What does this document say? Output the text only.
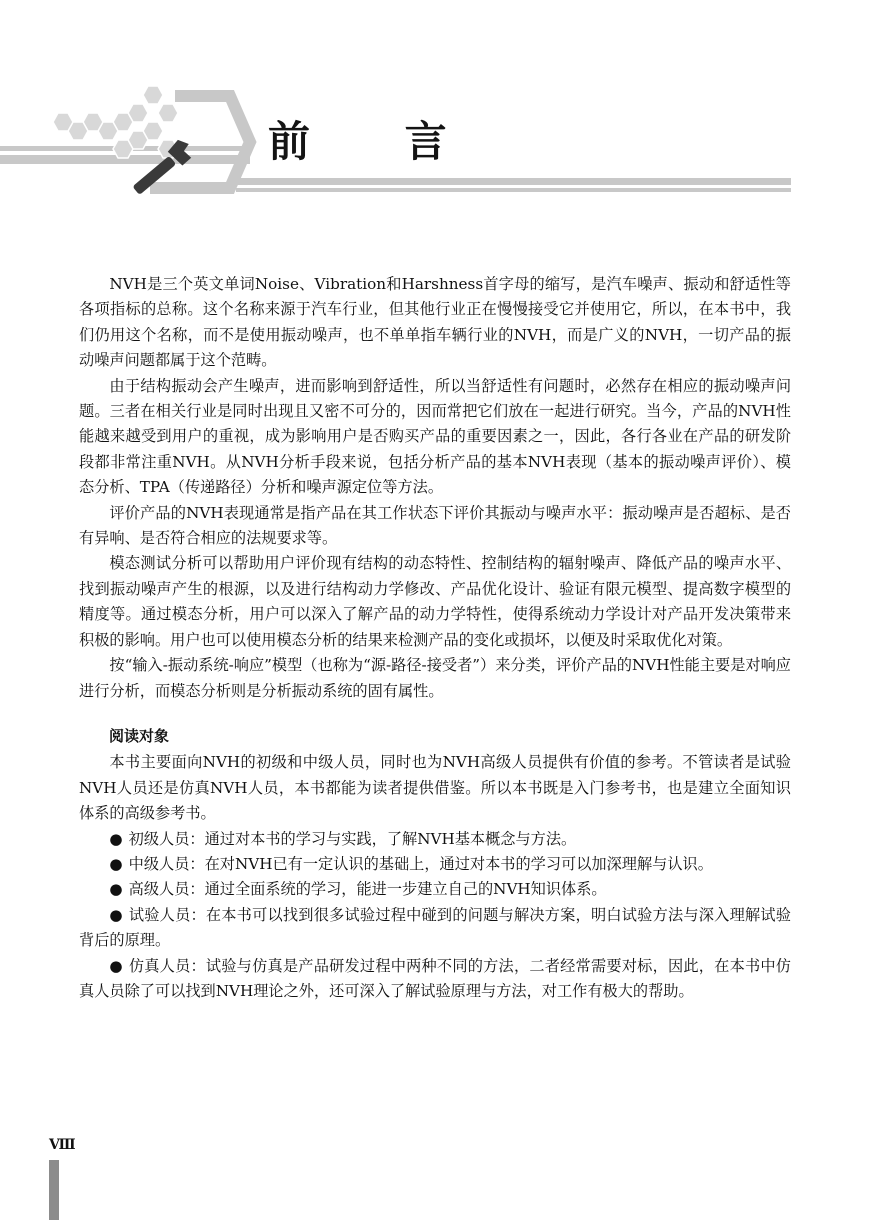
前 言

NVH是三个英文单词Noise、Vibration和Harshness首字母的缩写，是汽车噪声、振动和舒适性等各项指标的总称。这个名称来源于汽车行业，但其他行业正在慢慢接受它并使用它，所以，在本书中，我们仍用这个名称，而不是使用振动噪声，也不单单指车辆行业的NVH，而是广义的NVH，一切产品的振动噪声问题都属于这个范畴。

由于结构振动会产生噪声，进而影响到舒适性，所以当舒适性有问题时，必然存在相应的振动噪声问题。三者在相关行业是同时出现且又密不可分的，因而常把它们放在一起进行研究。当今，产品的NVH性能越来越受到用户的重视，成为影响用户是否购买产品的重要因素之一，因此，各行各业在产品的研发阶段都非常注重NVH。从NVH分析手段来说，包括分析产品的基本NVH表现（基本的振动噪声评价）、模态分析、TPA（传递路径）分析和噪声源定位等方法。

评价产品的NVH表现通常是指产品在其工作状态下评价其振动与噪声水平：振动噪声是否超标、是否有异响、是否符合相应的法规要求等。

模态测试分析可以帮助用户评价现有结构的动态特性、控制结构的辐射噪声、降低产品的噪声水平、找到振动噪声产生的根源，以及进行结构动力学修改、产品优化设计、验证有限元模型、提高数字模型的精度等。通过模态分析，用户可以深入了解产品的动力学特性，使得系统动力学设计对产品开发决策带来积极的影响。用户也可以使用模态分析的结果来检测产品的变化或损坏，以便及时采取优化对策。

按“输入-振动系统-响应”模型（也称为“源-路径-接受者”）来分类，评价产品的NVH性能主要是对响应进行分析，而模态分析则是分析振动系统的固有属性。

阅读对象

本书主要面向NVH的初级和中级人员，同时也为NVH高级人员提供有价值的参考。不管读者是试验NVH人员还是仿真NVH人员，本书都能为读者提供借鉴。所以本书既是入门参考书，也是建立全面知识体系的高级参考书。

● 初级人员：通过对本书的学习与实践，了解NVH基本概念与方法。

● 中级人员：在对NVH已有一定认识的基础上，通过对本书的学习可以加深理解与认识。

● 高级人员：通过全面系统的学习，能进一步建立自己的NVH知识体系。

● 试验人员：在本书可以找到很多试验过程中碰到的问题与解决方案，明白试验方法与深入理解试验背后的原理。

● 仿真人员：试验与仿真是产品研发过程中两种不同的方法，二者经常需要对标，因此，在本书中仿真人员除了可以找到NVH理论之外，还可深入了解试验原理与方法，对工作有极大的帮助。

Ⅷ
